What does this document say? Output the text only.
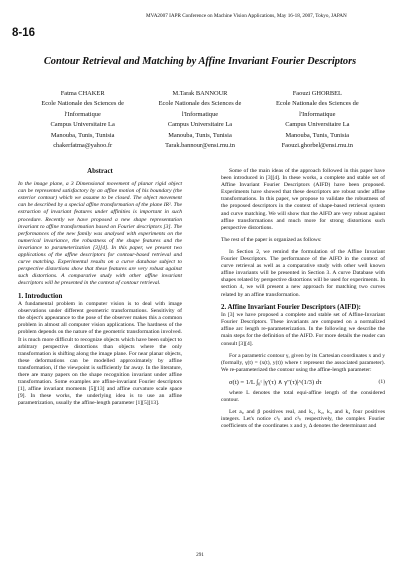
MVA2007 IAPR Conference on Machine Vision Applications, May 16-18, 2007, Tokyo, JAPAN
8-16
Contour Retrieval and Matching by Affine Invariant Fourier Descriptors
Fatma CHAKER
Ecole Nationale des Sciences de
l'Informatique
Campus Universitaire La
Manouba, Tunis, Tunisia
chakerfatma@yahoo.fr
M.Tarak BANNOUR
Ecole Nationale des Sciences de
l'Informatique
Campus Universitaire La
Manouba, Tunis, Tunisia
Tarak.bannour@ensi.rnu.tn
Faouzi GHORBEL
Ecole Nationale des Sciences de
l'Informatique
Campus Universitaire La
Manouba, Tunis, Tunisia
Faouzi.ghorbel@ensi.rnu.tn
Abstract

In the image plane, a 3 Dimensional movement of planar rigid object can be represented satisfactory by an affine motion of his boundary (the exterior contour) which we assume to be closed. The object movement can be described by a special affine transformation of the plane IR². The extraction of invariant features under affinities is important in such procedure. Recently we have proposed a new shape representation invariant to affine transformation based on Fourier descriptors [3]. The performances of the new family was analysed with experiments on the numerical invariance, the robustness of the shape features and the invariance to parameterization [3][4]. In this paper, we present two applications of the affine descriptors for contour-based retrieval and curve matching. Experimental results on a curve database subject to perspective distortions show that these features are very robust against such distortions. A comparative study with other affine invariant descriptors will be presented in the context of contour retrieval.

1. Introduction

A fundamental problem in computer vision is to deal with image observations under different geometric transformations. Sensitivity of the object's appearance to the pose of the observer makes this a common problem in almost all computer vision applications. The hardness of the problem depends on the nature of the geometric transformation involved. It is much more difficult to recognize objects which have been subject to arbitrary perspective distortions than objects where the only transformation is shifting along the image plane. For near planar objects, these deformations can be modelled approximately by affine transformation, if the viewpoint is sufficiently far away. In the literature, there are many papers on the shape recognition invariant under affine transformation. Some examples are affine-invariant Fourier descriptors [1], affine invariant moments [5][13] and affine curvature scale space [9]. In these works, the underlying idea is to use an affine parametrization, usually the affine-length parameter [1][5][13].

Some of the main ideas of the approach followed in this paper have been introduced in [3][4]. In these works, a complete and stable set of Affine Invariant Fourier Descriptors (AIFD) have been proposed. Experiments have showed that these descriptors are robust under affine transformations. In this paper, we propose to validate the robustness of the proposed descriptors in the context of shape-based retrieval system and curve matching. We will show that the AIFD are very robust against affine transformations and much more for strong distortions such perspective distortions.

The rest of the paper is organized as follows:

In Section 2, we remind the formulation of the Affine Invariant Fourier Descriptors. The performance of the AIFD in the context of curve retrieval as well as a comparative study with other well known affine invariants will be presented in Section 3. A curve Database with shapes related by perspective distortions will be used for experiments. In section 4, we will present a new approach for matching two curves related by an affine transformation.

2. Affine Invariant Fourier Descriptors (AIFD):

In [3] we have proposed a complete and stable set of Affine-Invariant Fourier Descriptors. These invariants are computed on a normalized affine arc length re-parameterization. In the following we describe the main steps for the definition of the AIFD. For more details the reader can consult [3][4].

For a parametric contour γ, given by its Cartesian coordinates x and y (formally, γ(t) = (x(t), y(t)) where t represent the associated parameter). We re-parameterized the contour using the affine-length parameter:

σ(t) = 1/L ∫₀ᵗ |γ′(τ) ∧ γ″(τ)|^(1/3) dτ	(1)

where L denotes the total equi-affine length of the considered contour.

Let a₀ and β positives real, and k₁, k₂, k₃ and k₄ four positives integers. Let's notice c¹ₖ and c²ₖ respectively, the complex Fourier coefficients of the coordinates x and y, Δ denotes the determinant and

291
